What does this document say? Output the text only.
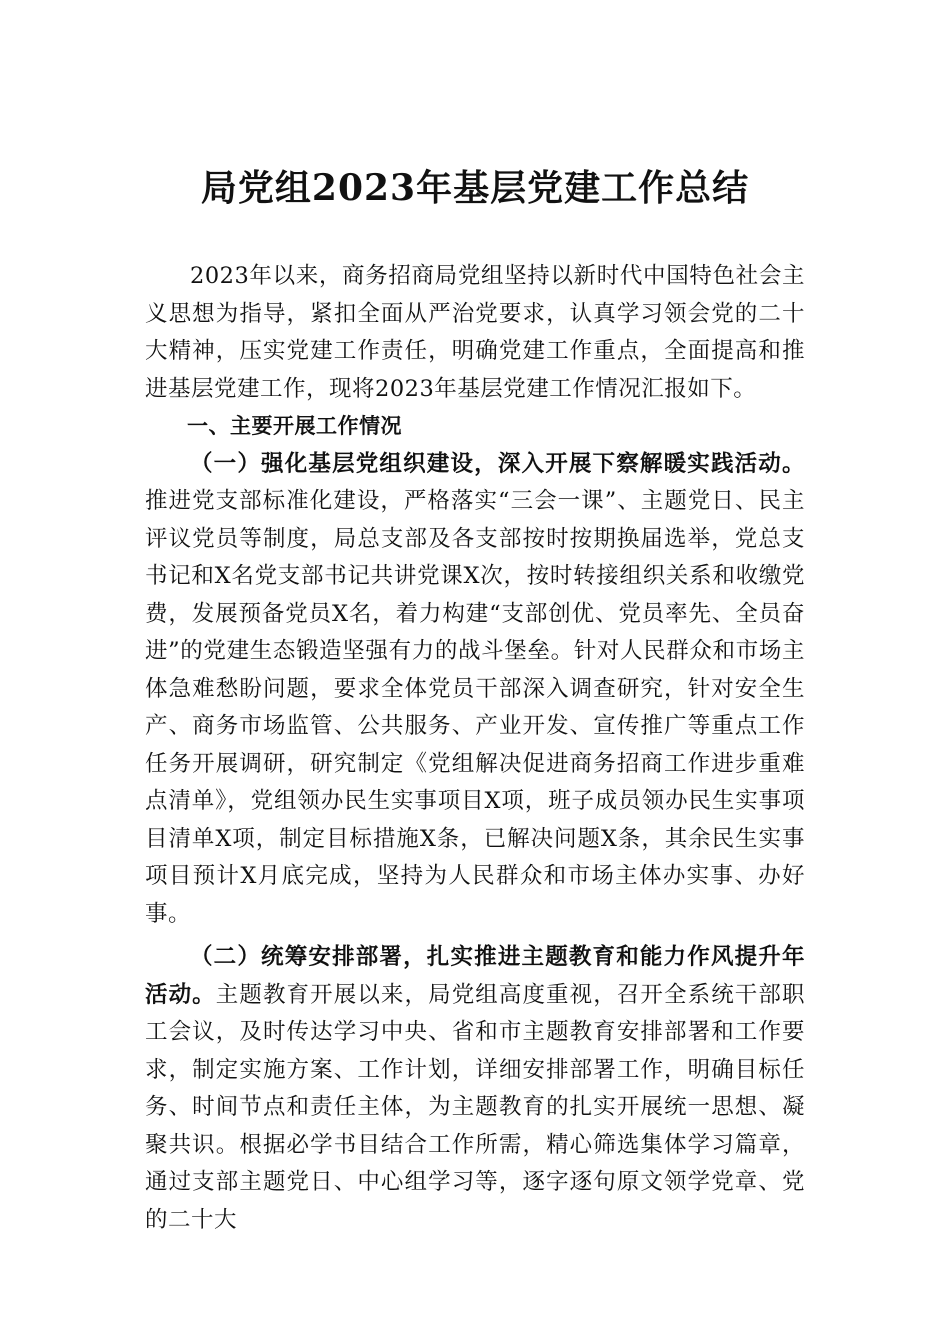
局党组2023年基层党建工作总结

2023年以来，商务招商局党组坚持以新时代中国特色社会主义思想为指导，紧扣全面从严治党要求，认真学习领会党的二十大精神，压实党建工作责任，明确党建工作重点，全面提高和推进基层党建工作，现将2023年基层党建工作情况汇报如下。

一、主要开展工作情况

（一）强化基层党组织建设，深入开展下察解暖实践活动。推进党支部标准化建设，严格落实“三会一课”、主题党日、民主评议党员等制度，局总支部及各支部按时按期换届选举，党总支书记和X名党支部书记共讲党课X次，按时转接组织关系和收缴党费，发展预备党员X名，着力构建“支部创优、党员率先、全员奋进”的党建生态锻造坚强有力的战斗堡垒。针对人民群众和市场主体急难愁盼问题，要求全体党员干部深入调查研究，针对安全生产、商务市场监管、公共服务、产业开发、宣传推广等重点工作任务开展调研，研究制定《党组解决促进商务招商工作进步重难点清单》，党组领办民生实事项目X项，班子成员领办民生实事项目清单X项，制定目标措施X条，已解决问题X条，其余民生实事项目预计X月底完成，坚持为人民群众和市场主体办实事、办好事。

（二）统筹安排部署，扎实推进主题教育和能力作风提升年活动。主题教育开展以来，局党组高度重视，召开全系统干部职工会议，及时传达学习中央、省和市主题教育安排部署和工作要求，制定实施方案、工作计划，详细安排部署工作，明确目标任务、时间节点和责任主体，为主题教育的扎实开展统一思想、凝聚共识。根据必学书目结合工作所需，精心筛选集体学习篇章，通过支部主题党日、中心组学习等，逐字逐句原文领学党章、党的二十大
